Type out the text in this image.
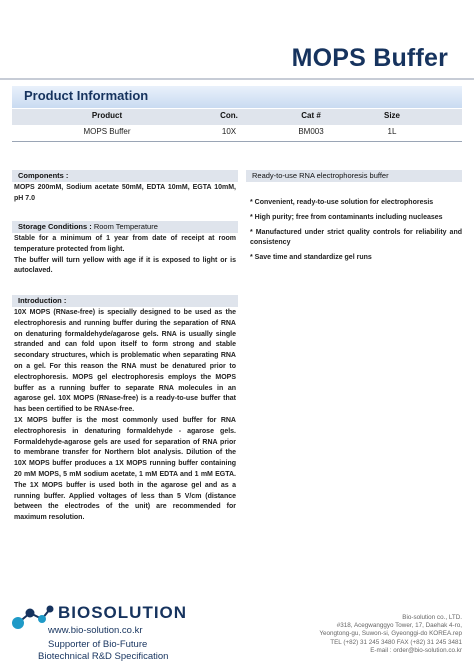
MOPS Buffer
Product Information
Product	Con.	Cat #	Size
MOPS Buffer	10X	BM003	1L
Components :
MOPS 200mM, Sodium acetate 50mM, EDTA 10mM, EGTA 10mM, pH 7.0
Storage Conditions : Room Temperature

Stable for a minimum of 1 year from date of receipt at room temperature protected from light.

The buffer will turn yellow with age if it is exposed to light or is autoclaved.

Introduction :

10X MOPS (RNase-free) is specially designed to be used as the electrophoresis and running buffer during the separation of RNA on denaturing formaldehyde/agarose gels. RNA is usually single stranded and can fold upon itself to form strong and stable secondary structures, which is problematic when separating RNA on a gel. For this reason the RNA must be denatured prior to electrophoresis. MOPS gel electrophoresis employs the MOPS buffer as a running buffer to separate RNA molecules in an agarose gel. 10X MOPS (RNase-free) is a ready-to-use buffer that has been certified to be RNAse-free.

1X MOPS buffer is the most commonly used buffer for RNA electrophoresis in denaturing formaldehyde - agarose gels. Formaldehyde-agarose gels are used for separation of RNA prior to membrane transfer for Northern blot analysis. Dilution of the 10X MOPS buffer produces a 1X MOPS running buffer containing 20 mM MOPS, 5 mM sodium acetate, 1 mM EDTA and 1 mM EGTA. The 1X MOPS buffer is used both in the agarose gel and as a running buffer. Applied voltages of less than 5 V/cm (distance between the electrodes of the unit) are recommended for maximum resolution.

Ready-to-use RNA electrophoresis buffer

* Convenient, ready-to-use solution for electrophoresis

* High purity; free from contaminants including nucleases

* Manufactured under strict quality controls for reliability and consistency

* Save time and standardize gel runs

BIOSOLUTION
www.bio-solution.co.kr
Supporter of Bio-Future
Biotechnical R&D Specification
Bio-solution co., LTD.
#318, Acegwanggyo Tower, 17, Daehak 4-ro,
Yeongtong-gu, Suwon-si, Gyeonggi-do KOREA.rep
TEL (+82) 31 245 3480 FAX (+82) 31 245 3481
E-mail : order@bio-solution.co.kr
